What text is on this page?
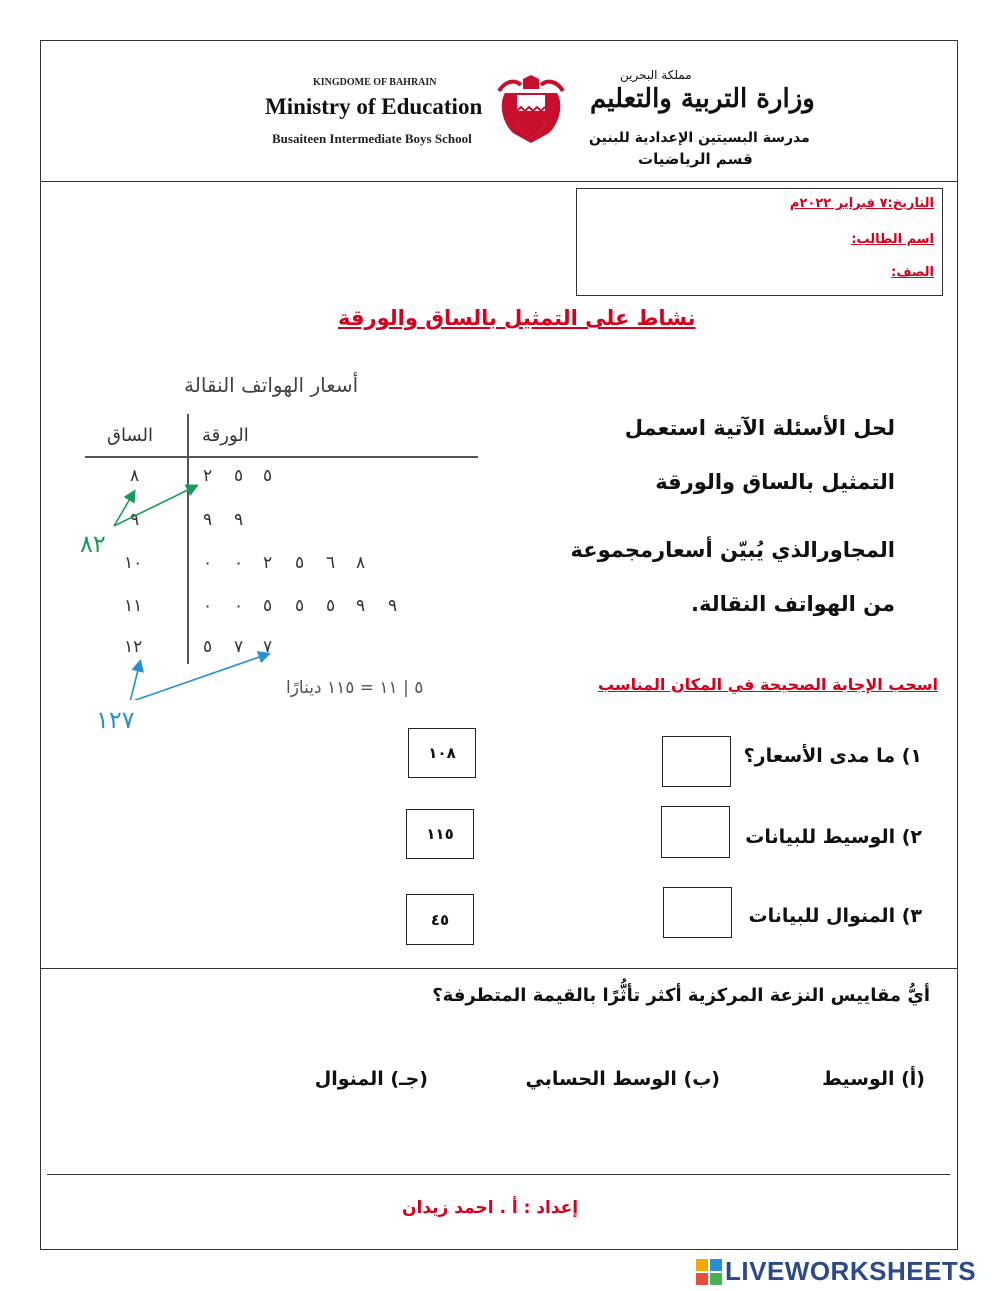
KINGDOME OF BAHRAIN
Ministry of Education
Busaiteen Intermediate Boys School
مملكة البحرين
وزارة التربية والتعليم
مدرسة البسيتين الإعدادية للبنين
قسم الرياضيات
التاريخ:٧ فبراير ٢٠٢٢م
اسم الطالب:
الصف:
نشاط على التمثيل بالساق والورقة
أسعار الهواتف النقالة
الساق	الورقة
٨	٢ ٥ ٥
٩	٩ ٩
١٠	٠ ٠ ٢ ٥ ٦ ٨
١١	٠ ٠ ٥ ٥ ٥ ٩ ٩
١٢	٥ ٧ ٧
٥ | ١١ = ١١٥ دينارًا
٨٢
١٢٧
لحل الأسئلة الآتية استعمل
التمثيل بالساق والورقة
المجاورالذي يُبيّن أسعارمجموعة
من الهواتف النقالة.
اسحب الإجابة الصحيحة في المكان المناسب
١) ما مدى الأسعار؟
١٠٨
٢) الوسيط للبيانات
١١٥
٣) المنوال للبيانات
٤٥
أيُّ مقاييس النزعة المركزية أكثر تأثُّرًا بالقيمة المتطرفة؟
(أ) الوسيط
(ب) الوسط الحسابي
(جـ) المنوال
إعداد : أ . احمد زيدان
LIVEWORKSHEETS
